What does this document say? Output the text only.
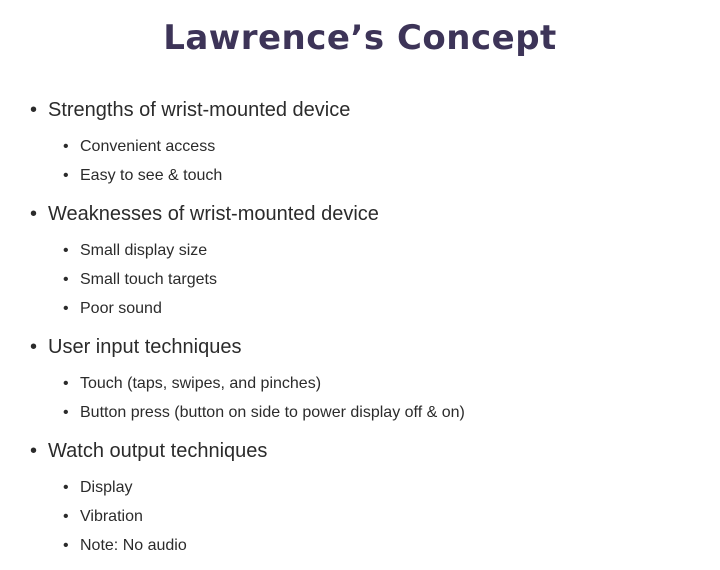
Lawrence’s Concept
• Strengths of wrist-mounted device
• Convenient access
• Easy to see & touch
• Weaknesses of wrist-mounted device
• Small display size
• Small touch targets
• Poor sound
• User input techniques
• Touch (taps, swipes, and pinches)
• Button press (button on side to power display off & on)
• Watch output techniques
• Display
• Vibration
• Note: No audio
